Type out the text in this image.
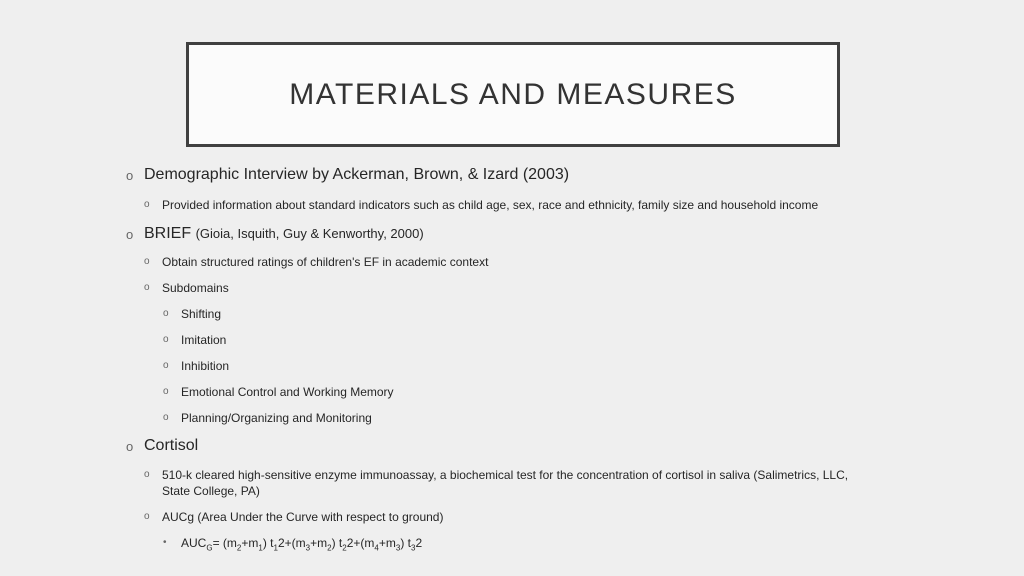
MATERIALS AND MEASURES
o Demographic Interview by Ackerman, Brown, & Izard (2003)
o	Provided information about standard indicators such as child age, sex, race and ethnicity, family size and household income
o BRIEF (Gioia, Isquith, Guy & Kenworthy, 2000)
o	Obtain structured ratings of children's EF in academic context
o	Subdomains
o	Shifting
o	Imitation
o	Inhibition
o	Emotional Control and Working Memory
o	Planning/Organizing and Monitoring
o Cortisol
o	510-k cleared high-sensitive enzyme immunoassay, a biochemical test for the concentration of cortisol in saliva (Salimetrics, LLC, State College, PA)
o	AUCg (Area Under the Curve with respect to ground)
•	$AUC_G= (m_2+m_1)$ $t_12+(m_3+m_2)$ $t_22+(m_4+m_3)$ $t_32$
